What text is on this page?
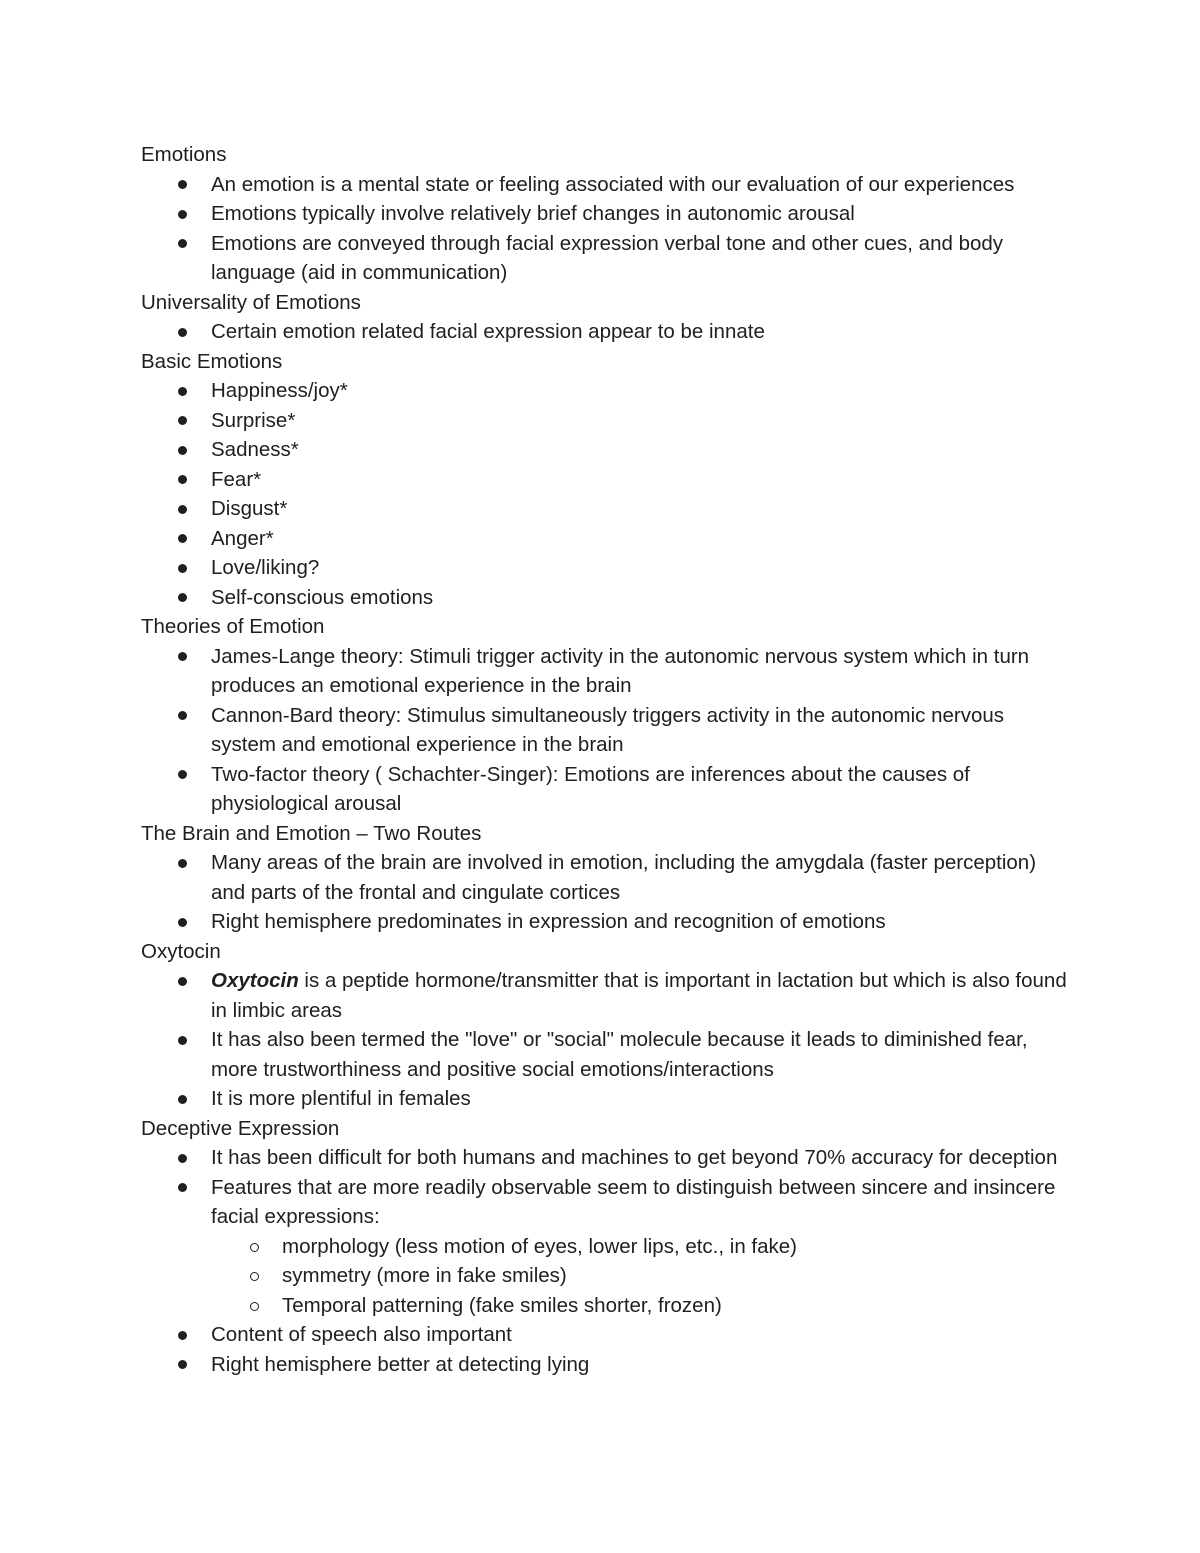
Emotions

An emotion is a mental state or feeling associated with our evaluation of our experiences
Emotions typically involve relatively brief changes in autonomic arousal
Emotions are conveyed through facial expression verbal tone and other cues, and body language (aid in communication)

Universality of Emotions

Certain emotion related facial expression appear to be innate

Basic Emotions

Happiness/joy*
Surprise*
Sadness*
Fear*
Disgust*
Anger*
Love/liking?
Self-conscious emotions

Theories of Emotion

James-Lange theory: Stimuli trigger activity in the autonomic nervous system which in turn produces an emotional experience in the brain
Cannon-Bard theory: Stimulus simultaneously triggers activity in the autonomic nervous system and emotional experience in the brain
Two-factor theory ( Schachter-Singer): Emotions are inferences about the causes of physiological arousal

The Brain and Emotion – Two Routes

Many areas of the brain are involved in emotion, including the amygdala (faster perception) and parts of the frontal and cingulate cortices
Right hemisphere predominates in expression and recognition of emotions

Oxytocin

Oxytocin is a peptide hormone/transmitter that is important in lactation but which is also found in limbic areas
It has also been termed the "love" or "social" molecule because it leads to diminished fear, more trustworthiness and positive social emotions/interactions
It is more plentiful in females

Deceptive Expression

It has been difficult for both humans and machines to get beyond 70% accuracy for deception
Features that are more readily observable seem to distinguish between sincere and insincere facial expressions:
morphology (less motion of eyes, lower lips, etc., in fake)
symmetry (more in fake smiles)
Temporal patterning (fake smiles shorter, frozen)
Content of speech also important
Right hemisphere better at detecting lying
